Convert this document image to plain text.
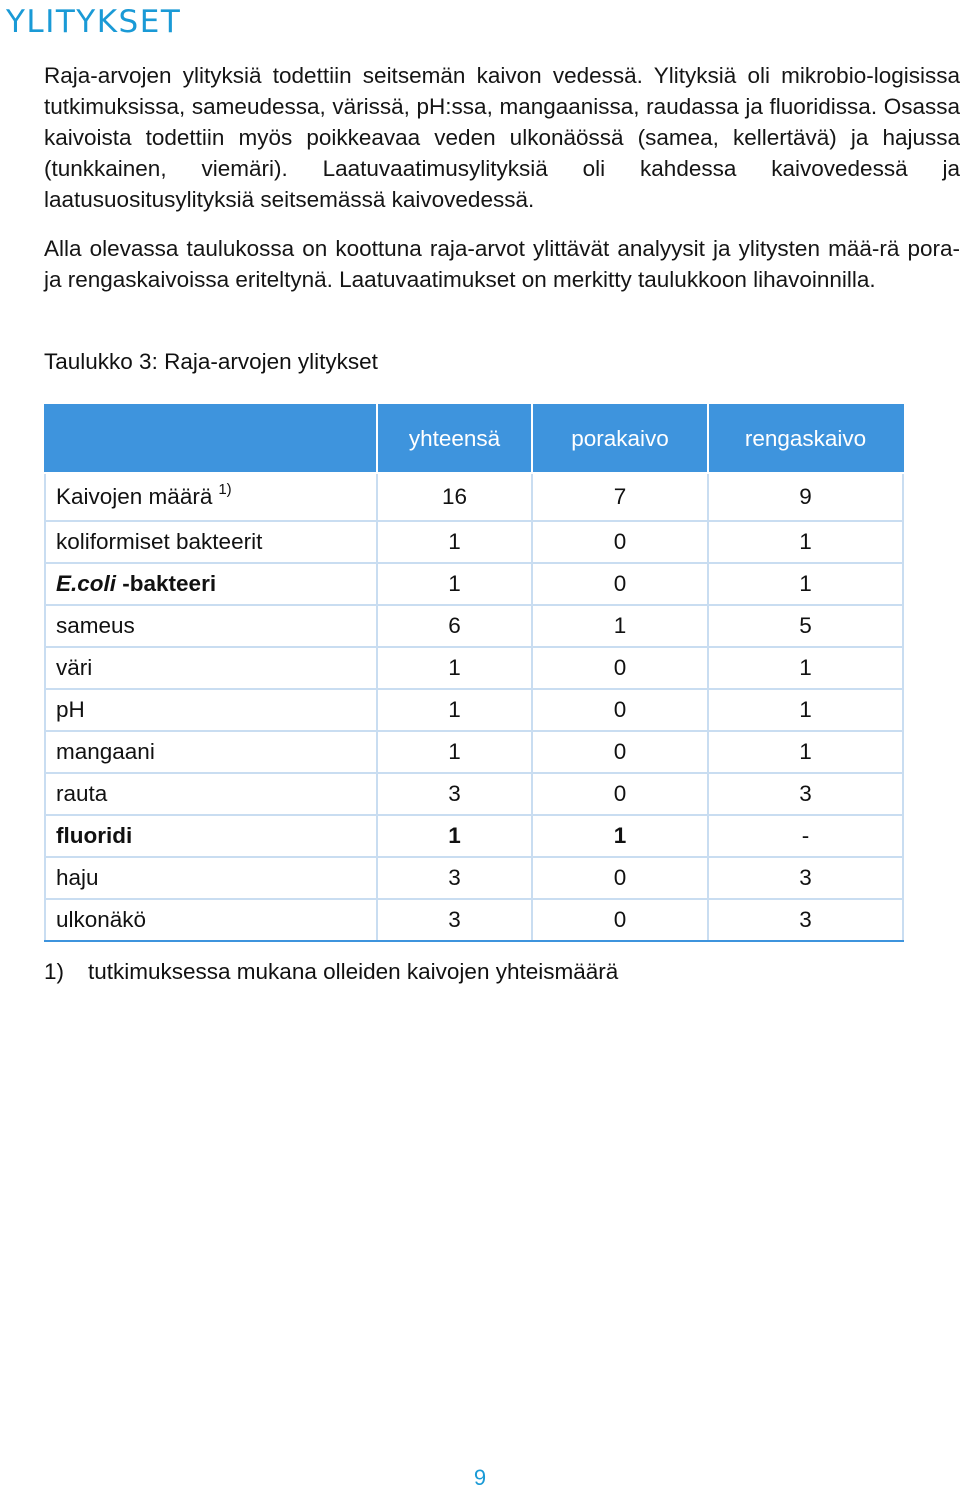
YLITYKSET

Raja-arvojen ylityksiä todettiin seitsemän kaivon vedessä. Ylityksiä oli mikrobio-logisissa tutkimuksissa, sameudessa, värissä, pH:ssa, mangaanissa, raudassa ja fluoridissa. Osassa kaivoista todettiin myös poikkeavaa veden ulkonäössä (samea, kellertävä) ja hajussa (tunkkainen, viemäri). Laatuvaatimusylityksiä oli kahdessa kaivovedessä ja laatusuositusylityksiä seitsemässä kaivovedessä.

Alla olevassa taulukossa on koottuna raja-arvot ylittävät analyysit ja ylitysten mää-rä pora- ja rengaskaivoissa eriteltynä. Laatuvaatimukset on merkitty taulukkoon lihavoinnilla.

Taulukko 3: Raja-arvojen ylitykset

	yhteensä	porakaivo	rengaskaivo
Kaivojen määrä $^{1)}$	16	7	9
koliformiset bakteerit	1	0	1
E.coli -bakteeri	1	0	1
sameus	6	1	5
väri	1	0	1
pH	1	0	1
mangaani	1	0	1
rauta	3	0	3
fluoridi	1	1	-
haju	3	0	3
ulkonäkö	3	0	3

1) tutkimuksessa mukana olleiden kaivojen yhteismäärä

9
